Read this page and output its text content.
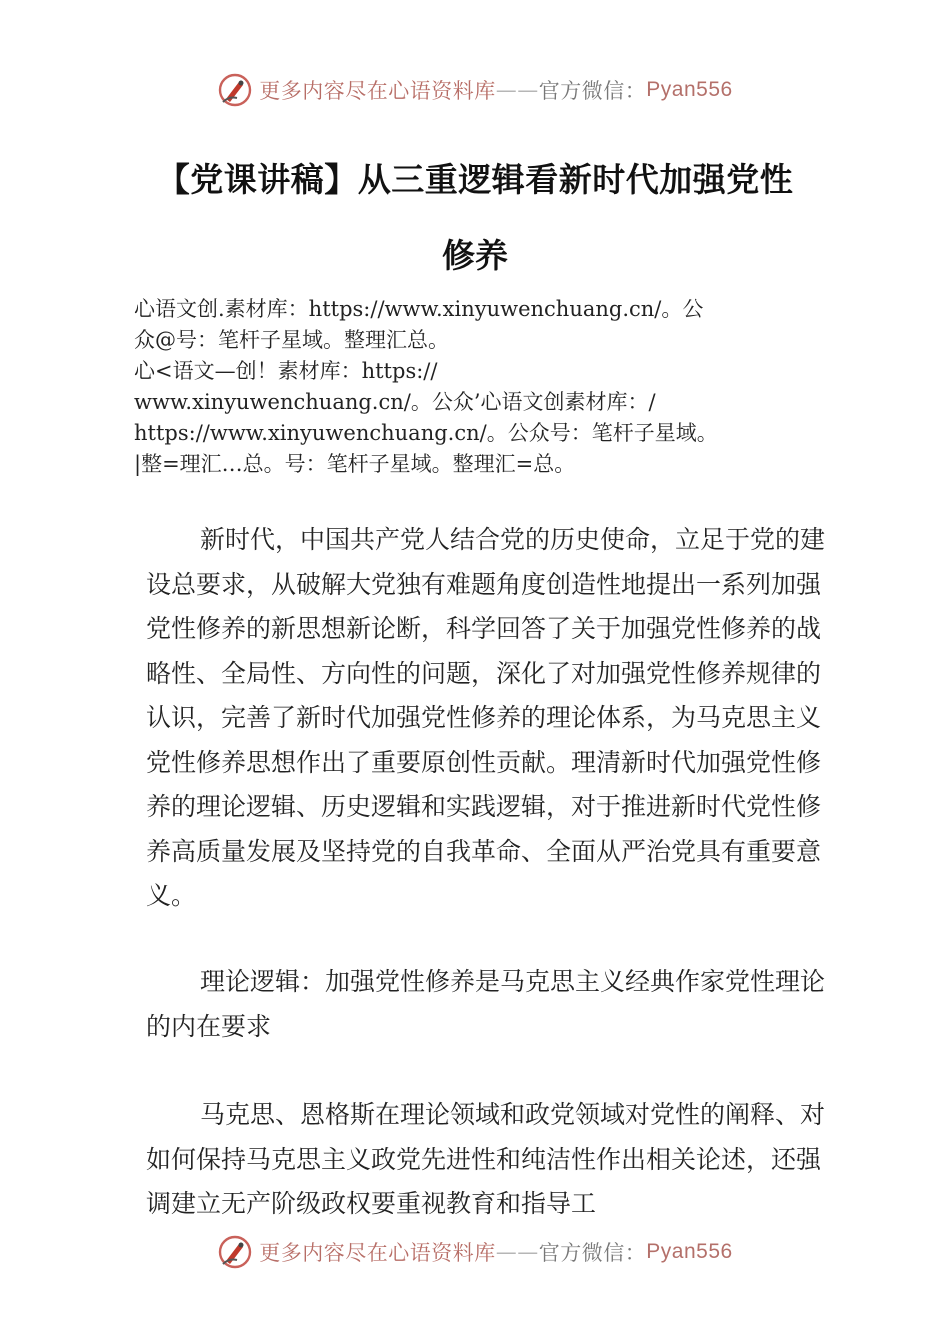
更多内容尽在心语资料库 —— 官方微信： Pyan556
【党课讲稿】从三重逻辑看新时代加强党性
修养
心语文创.素材库：https://www.xinyuwenchuang.cn/。公
众@号：笔杆子星域。整理汇总。
心<语文—创！素材库：https://
www.xinyuwenchuang.cn/。公众’心语文创素材库：/
https://www.xinyuwenchuang.cn/。公众号：笔杆子星域。
|整=理汇…总。号：笔杆子星域。整理汇=总。

新时代，中国共产党人结合党的历史使命，立足于党的建设总要求，从破解大党独有难题角度创造性地提出一系列加强党性修养的新思想新论断，科学回答了关于加强党性修养的战略性、全局性、方向性的问题，深化了对加强党性修养规律的认识，完善了新时代加强党性修养的理论体系，为马克思主义党性修养思想作出了重要原创性贡献。理清新时代加强党性修养的理论逻辑、历史逻辑和实践逻辑，对于推进新时代党性修养高质量发展及坚持党的自我革命、全面从严治党具有重要意义。

理论逻辑：加强党性修养是马克思主义经典作家党性理论的内在要求

马克思、恩格斯在理论领域和政党领域对党性的阐释、对如何保持马克思主义政党先进性和纯洁性作出相关论述，还强调建立无产阶级政权要重视教育和指导工

更多内容尽在心语资料库 —— 官方微信： Pyan556
